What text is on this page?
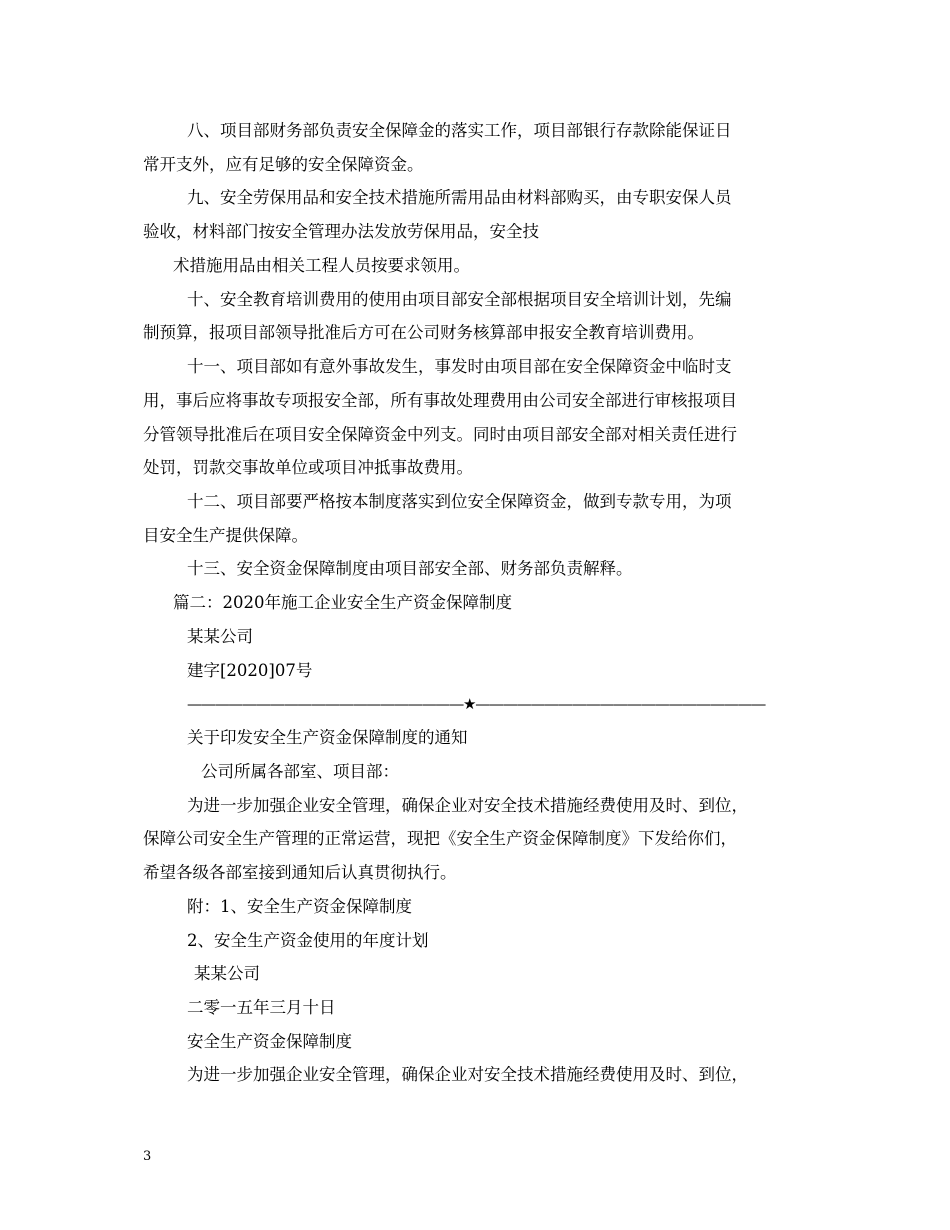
八、项目部财务部负责安全保障金的落实工作，项目部银行存款除能保证日
常开支外，应有足够的安全保障资金。
九、安全劳保用品和安全技术措施所需用品由材料部购买，由专职安保人员
验收，材料部门按安全管理办法发放劳保用品，安全技
术措施用品由相关工程人员按要求领用。
十、安全教育培训费用的使用由项目部安全部根据项目安全培训计划，先编
制预算，报项目部领导批准后方可在公司财务核算部申报安全教育培训费用。
十一、项目部如有意外事故发生，事发时由项目部在安全保障资金中临时支
用，事后应将事故专项报安全部，所有事故处理费用由公司安全部进行审核报项目
分管领导批准后在项目安全保障资金中列支。同时由项目部安全部对相关责任进行
处罚，罚款交事故单位或项目冲抵事故费用。
十二、项目部要严格按本制度落实到位安全保障资金，做到专款专用，为项
目安全生产提供保障。
十三、安全资金保障制度由项目部安全部、财务部负责解释。
篇二：2020年施工企业安全生产资金保障制度
某某公司
建字[2020]07号
————————————————————★—————————————————————
关于印发安全生产资金保障制度的通知
公司所属各部室、项目部：
为进一步加强企业安全管理，确保企业对安全技术措施经费使用及时、到位，
保障公司安全生产管理的正常运营，现把《安全生产资金保障制度》下发给你们，
希望各级各部室接到通知后认真贯彻执行。
附：1、安全生产资金保障制度
2、安全生产资金使用的年度计划
某某公司
二零一五年三月十日
安全生产资金保障制度
为进一步加强企业安全管理，确保企业对安全技术措施经费使用及时、到位，
3
